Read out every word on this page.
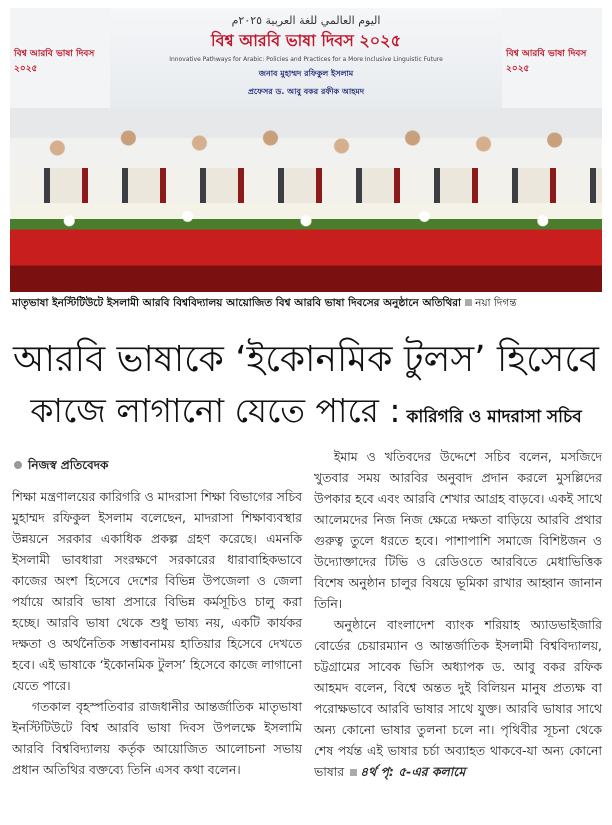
বিশ্ব আরবি ভাষা দিবস ২০২৫
বিশ্ব আরবি ভাষা দিবস ২০২৫
اليوم العالمي للغة العربية ٢٠٢٥م
বিশ্ব আরবি ভাষা দিবস ২০২৫
Innovative Pathways for Arabic: Policies and Practices for a More Inclusive Linguistic Future
জনাব মুহাম্মদ রফিকুল ইসলাম
প্রফেসর ড. আবু বকর রফীক আহমদ
মাতৃভাষা ইনস্টিটিউটে ইসলামী আরবি বিশ্ববিদ্যালয় আয়োজিত বিশ্ব আরবি ভাষা দিবসের অনুষ্ঠানে অতিথিরা নয়া দিগন্ত
আরবি ভাষাকে ‘ইকোনমিক টুলস’ হিসেবে
কাজে লাগানো যেতে পারে : কারিগরি ও মাদরাসা সচিব
নিজস্ব প্রতিবেদক

শিক্ষা মন্ত্রণালয়ের কারিগরি ও মাদরাসা শিক্ষা বিভাগের সচিব মুহাম্মদ রফিকুল ইসলাম বলেছেন, মাদরাসা শিক্ষাব্যবস্থার উন্নয়নে সরকার একাধিক প্রকল্প গ্রহণ করেছে। এমনকি ইসলামী ভাবধারা সংরক্ষণে সরকারের ধারাবাহিকভাবে কাজের অংশ হিসেবে দেশের বিভিন্ন উপজেলা ও জেলা পর্যায়ে আরবি ভাষা প্রসারে বিভিন্ন কর্মসূচিও চালু করা হচ্ছে। আরবি ভাষা থেকে শুধু ভাষ্য নয়, একটি কার্যকর দক্ষতা ও অর্থনৈতিক সম্ভাবনাময় হাতিয়ার হিসেবে দেখতে হবে। এই ভাষাকে ‘ইকোনমিক টুলস’ হিসেবে কাজে লাগানো যেতে পারে।

গতকাল বৃহস্পতিবার রাজধানীর আন্তর্জাতিক মাতৃভাষা ইনস্টিটিউটে বিশ্ব আরবি ভাষা দিবস উপলক্ষে ইসলামি আরবি বিশ্ববিদ্যালয় কর্তৃক আয়োজিত আলোচনা সভায় প্রধান অতিথির বক্তব্যে তিনি এসব কথা বলেন।

ইমাম ও খতিবদের উদ্দেশে সচিব বলেন, মসজিদে খুতবার সময় আরবির অনুবাদ প্রদান করলে মুসল্লিদের উপকার হবে এবং আরবি শেখার আগ্রহ বাড়বে। একই সাথে আলেমদের নিজ নিজ ক্ষেত্রে দক্ষতা বাড়িয়ে আরবি প্রথার গুরুত্ব তুলে ধরতে হবে। পাশাপাশি সমাজে বিশিষ্টজন ও উদ্যোক্তাদের টিভি ও রেডিওতে আরবিতে মেধাভিত্তিক বিশেষ অনুষ্ঠান চালুর বিষয়ে ভূমিকা রাখার আহ্বান জানান তিনি।

অনুষ্ঠানে বাংলাদেশ ব্যাংক শরিয়াহ অ্যাডভাইজারি বোর্ডের চেয়ারম্যান ও আন্তর্জাতিক ইসলামী বিশ্ববিদ্যালয়, চট্টগ্রামের সাবেক ভিসি অধ্যাপক ড. আবু বকর রফিক আহমদ বলেন, বিশ্বে অন্তত দুই বিলিয়ন মানুষ প্রত্যক্ষ বা পরোক্ষভাবে আরবি ভাষার সাথে যুক্ত। আরবি ভাষার সাথে অন্য কোনো ভাষার তুলনা চলে না। পৃথিবীর সূচনা থেকে শেষ পর্যন্ত এই ভাষার চর্চা অব্যাহত থাকবে-যা অন্য কোনো ভাষার ৪র্থ পৃ: ৫-এর কলামে
